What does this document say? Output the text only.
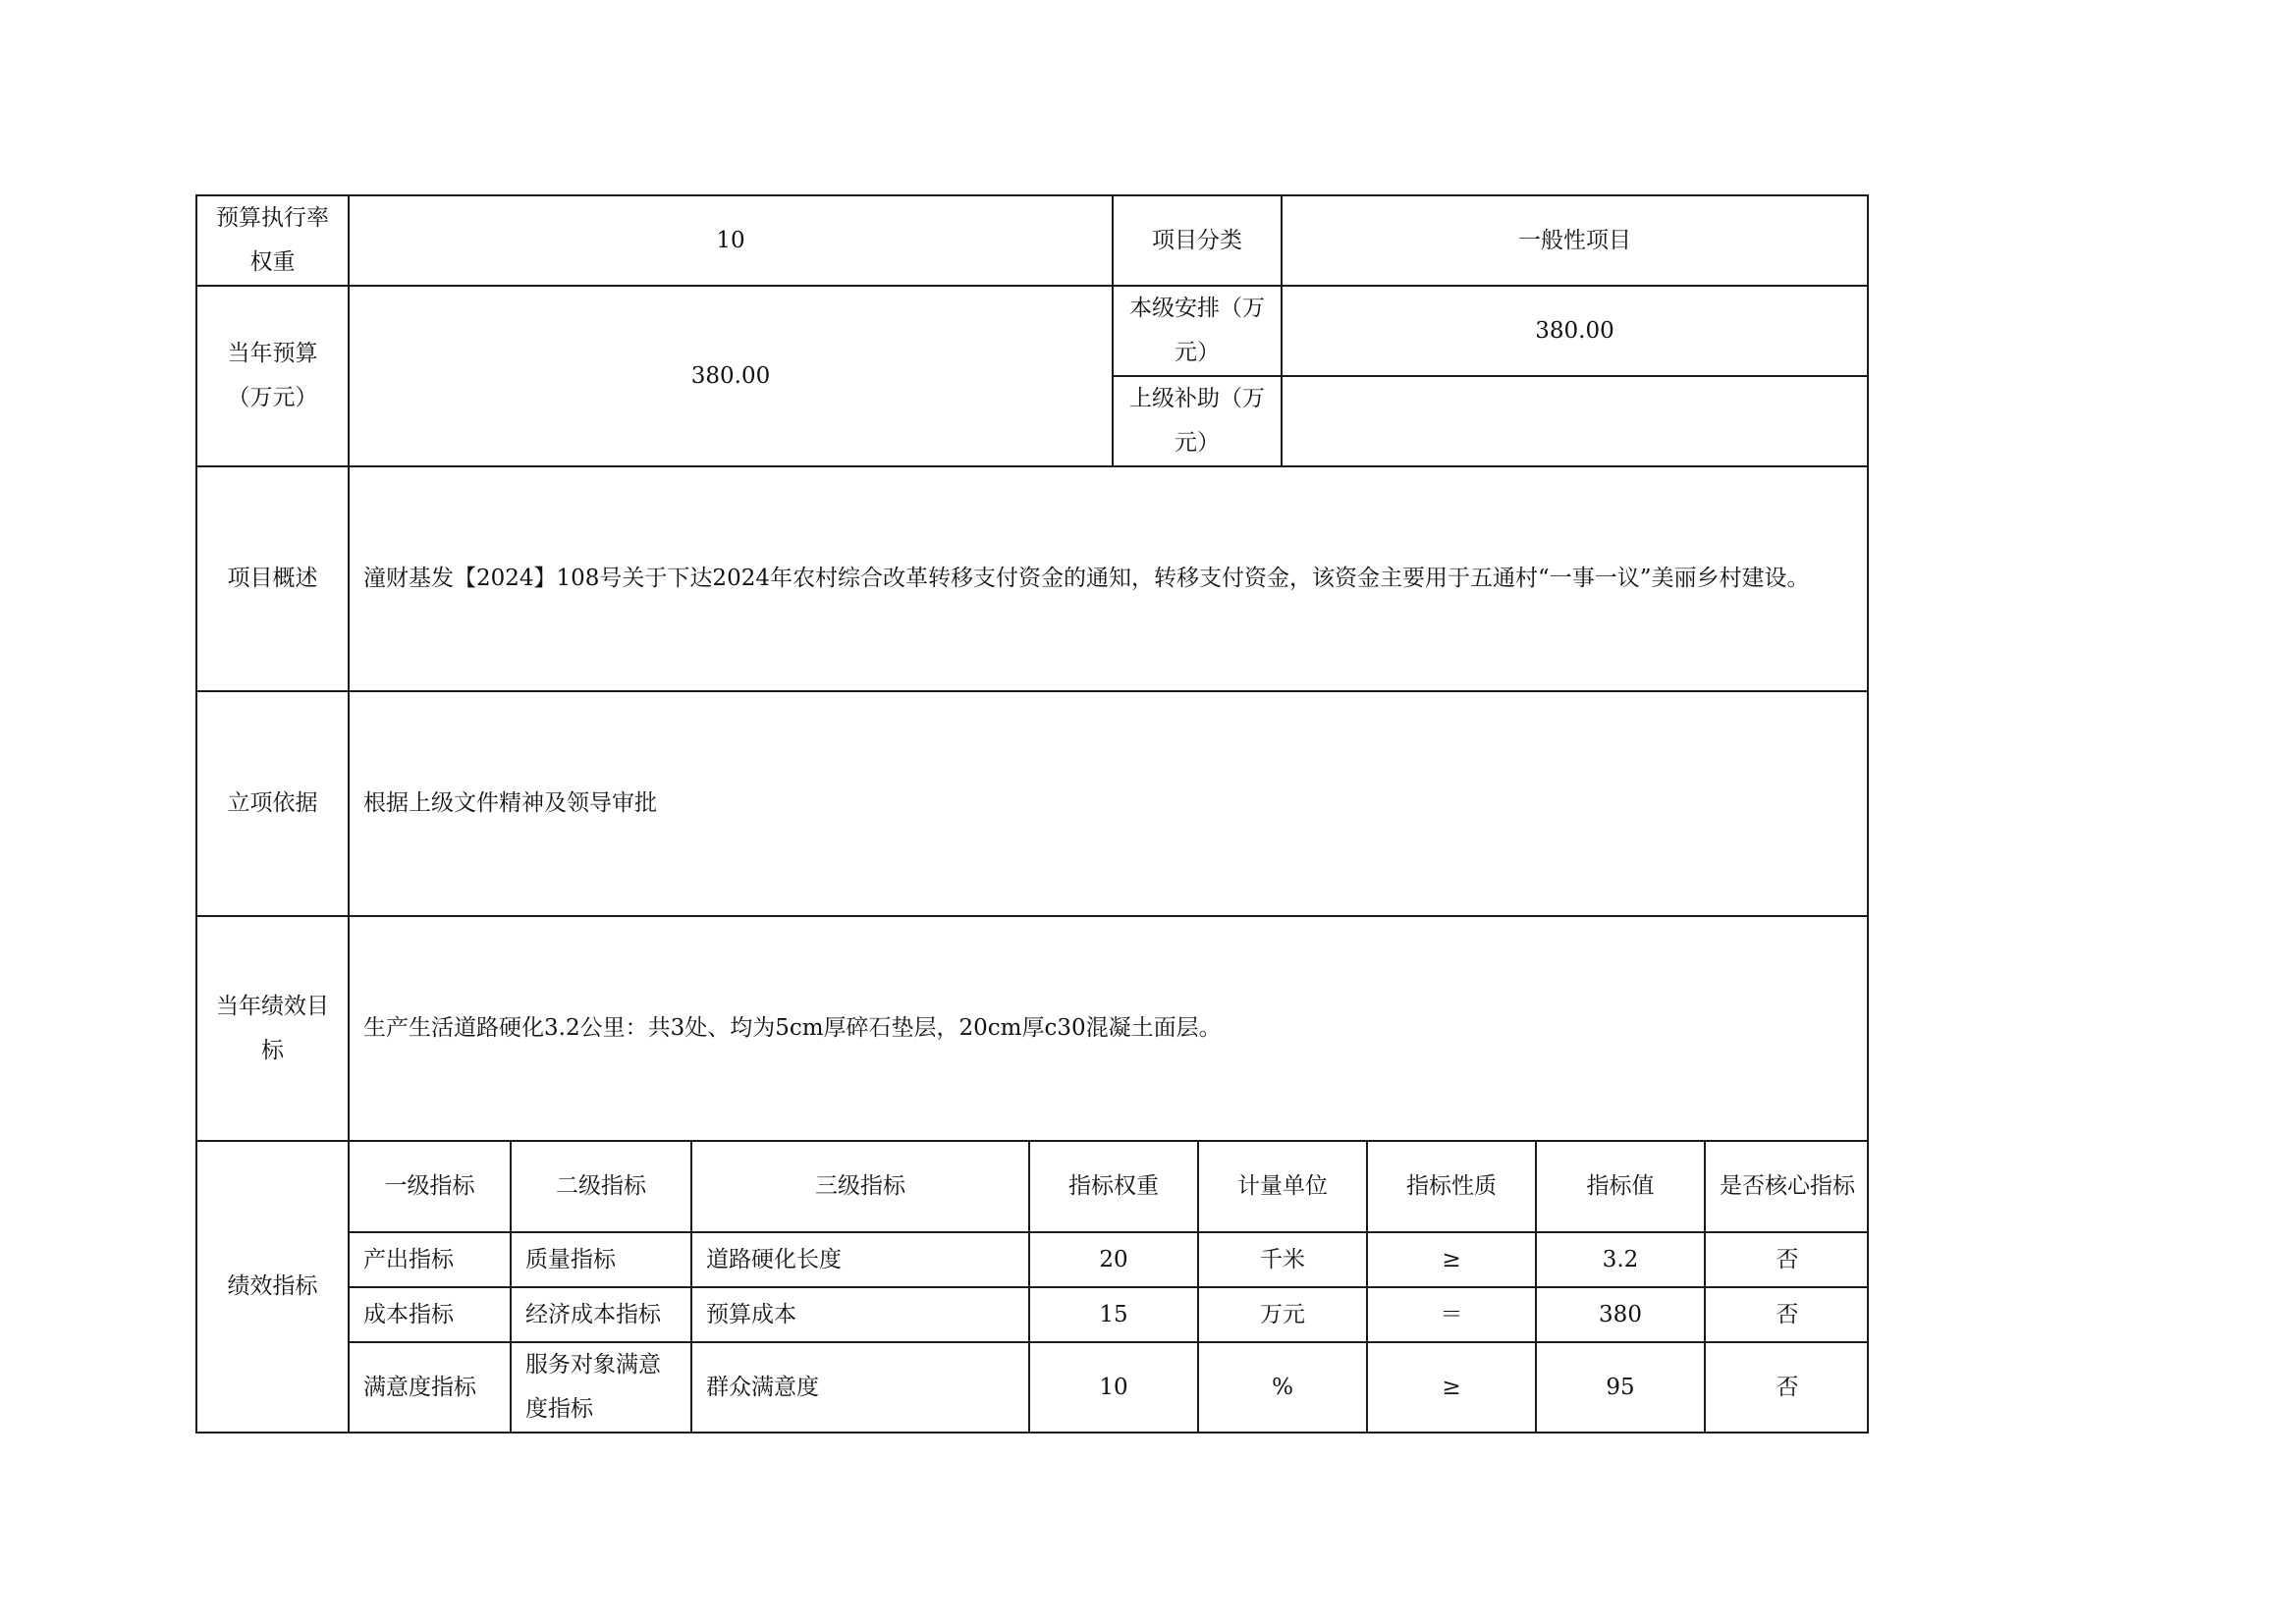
预算执行率权重	10	项目分类	一般性项目
当年预算（万元）	380.00	本级安排（万元）	380.00
上级补助（万元）	
项目概述	潼财基发【2024】108号关于下达2024年农村综合改革转移支付资金的通知，转移支付资金，该资金主要用于五通村“一事一议”美丽乡村建设。
立项依据	根据上级文件精神及领导审批
当年绩效目标	生产生活道路硬化3.2公里：共3处、均为5cm厚碎石垫层，20cm厚c30混凝土面层。
绩效指标	
一级指标	二级指标	三级指标	指标权重	计量单位	指标性质	指标值	是否核心指标
产出指标	质量指标	道路硬化长度	20	千米	≥	3.2	否
成本指标	经济成本指标	预算成本	15	万元	＝	380	否
满意度指标	服务对象满意度指标	群众满意度	10	%	≥	95	否
